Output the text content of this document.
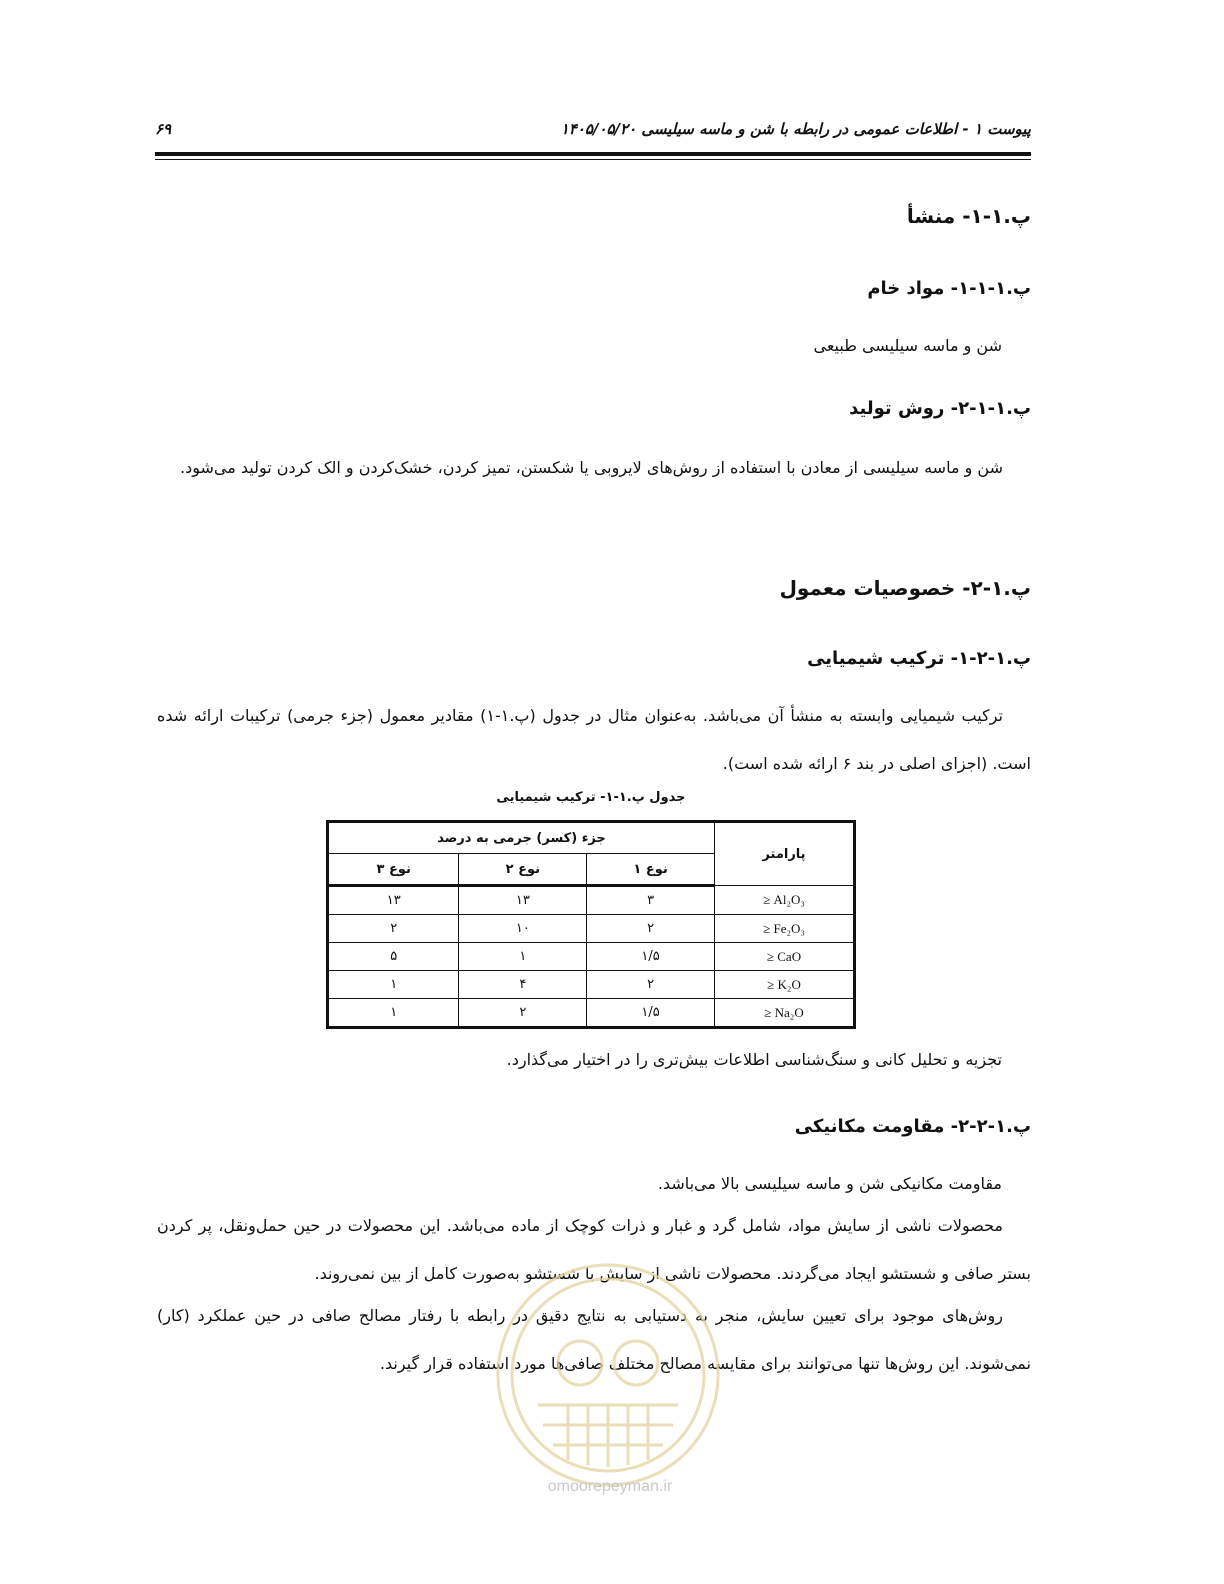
پیوست ۱ - اطلاعات عمومی در رابطه با شن و ماسه سیلیسی ۱۴۰۵/۰۵/۲۰
۶۹
پ.۱-۱- منشأ
پ.۱-۱-۱- مواد خام
شن و ماسه سیلیسی طبیعی
پ.۱-۱-۲- روش تولید
شن و ماسه سیلیسی از معادن با استفاده از روش‌های لایروبی یا شکستن، تمیز کردن، خشک‌کردن و الک کردن تولید می‌شود.
پ.۱-۲- خصوصیات معمول
پ.۱-۲-۱- ترکیب شیمیایی
ترکیب شیمیایی وابسته به منشأ آن می‌باشد. به‌عنوان مثال در جدول (پ.۱-۱) مقادیر معمول (جزء جرمی) ترکیبات ارائه شده است. (اجزای اصلی در بند ۶ ارائه شده است).
جدول پ.۱-۱- ترکیب شیمیایی
پارامتر	جزء (کسر) جرمی به درصد		
	نوع ۱	نوع ۲	نوع ۳
Al₂O₃ ≤	۳	۱۳	۱۳
Fe₂O₃ ≤	۲	۱۰	۲
CaO ≤	۱/۵	۱	۵
K₂O ≤	۲	۴	۱
Na₂O ≤	۱/۵	۲	۱
تجزیه و تحلیل کانی و سنگ‌شناسی اطلاعات بیش‌تری را در اختیار می‌گذارد.
پ.۱-۲-۲- مقاومت مکانیکی
مقاومت مکانیکی شن و ماسه سیلیسی بالا می‌باشد.
محصولات ناشی از سایش مواد، شامل گرد و غبار و ذرات کوچک از ماده می‌باشد. این محصولات در حین حمل‌ونقل، پر کردن بستر صافی و شستشو ایجاد می‌گردند. محصولات ناشی از سایش با شستشو به‌صورت کامل از بین نمی‌روند.
روش‌های موجود برای تعیین سایش، منجر به دستیابی به نتایج دقیق در رابطه با رفتار مصالح صافی در حین عملکرد (کار) نمی‌شوند. این روش‌ها تنها می‌توانند برای مقایسه مصالح مختلف صافی‌ها مورد استفاده قرار گیرند.
omoorepeyman.ir
